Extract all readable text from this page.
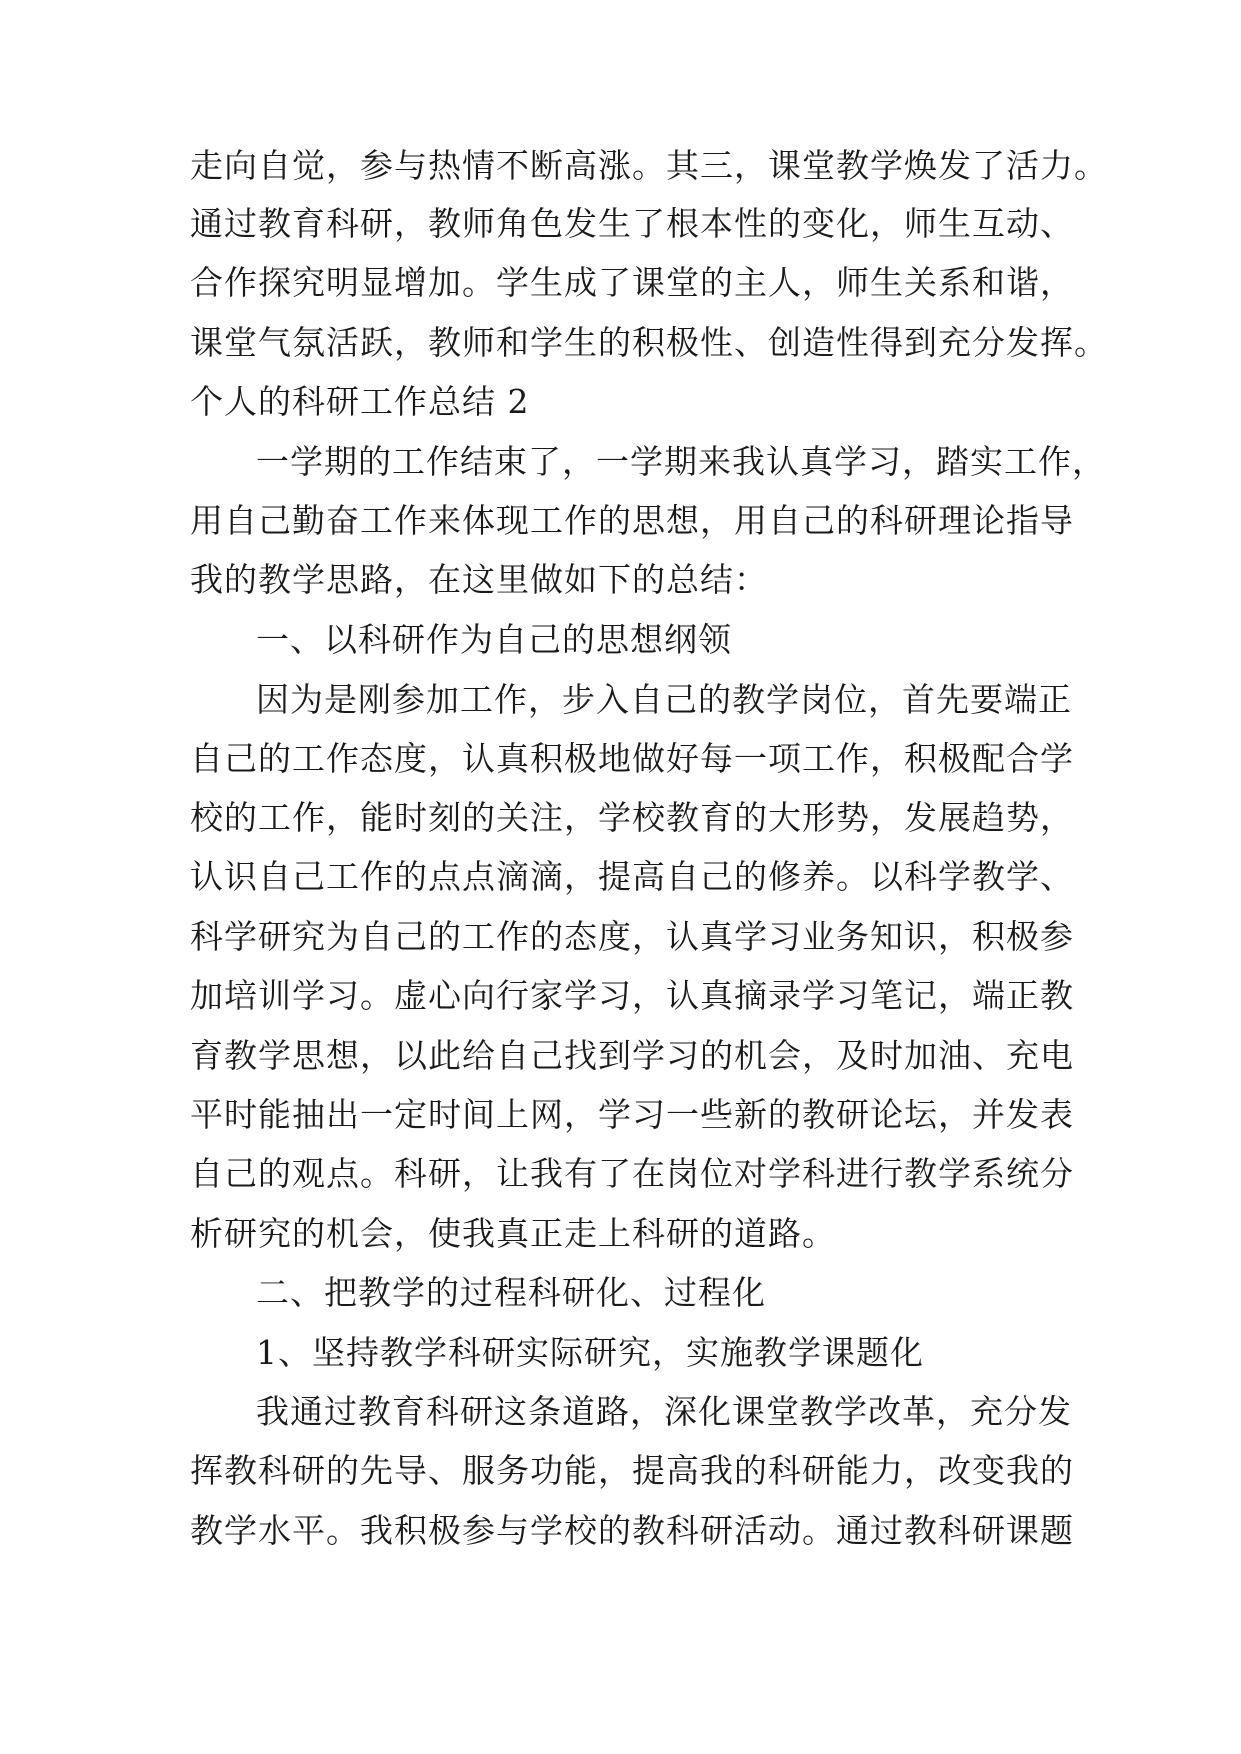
走向自觉，参与热情不断高涨。其三，课堂教学焕发了活力。
通过教育科研，教师角色发生了根本性的变化，师生互动、
合作探究明显增加。学生成了课堂的主人，师生关系和谐，
课堂气氛活跃，教师和学生的积极性、创造性得到充分发挥。
个人的科研工作总结 2
一学期的工作结束了，一学期来我认真学习，踏实工作，
用自己勤奋工作来体现工作的思想，用自己的科研理论指导
我的教学思路，在这里做如下的总结：
一、以科研作为自己的思想纲领
因为是刚参加工作，步入自己的教学岗位，首先要端正
自己的工作态度，认真积极地做好每一项工作，积极配合学
校的工作，能时刻的关注，学校教育的大形势，发展趋势，
认识自己工作的点点滴滴，提高自己的修养。以科学教学、
科学研究为自己的工作的态度，认真学习业务知识，积极参
加培训学习。虚心向行家学习，认真摘录学习笔记，端正教
育教学思想，以此给自己找到学习的机会，及时加油、充电
平时能抽出一定时间上网，学习一些新的教研论坛，并发表
自己的观点。科研，让我有了在岗位对学科进行教学系统分
析研究的机会，使我真正走上科研的道路。
二、把教学的过程科研化、过程化
1、坚持教学科研实际研究，实施教学课题化
我通过教育科研这条道路，深化课堂教学改革，充分发
挥教科研的先导、服务功能，提高我的科研能力，改变我的
教学水平。我积极参与学校的教科研活动。通过教科研课题
